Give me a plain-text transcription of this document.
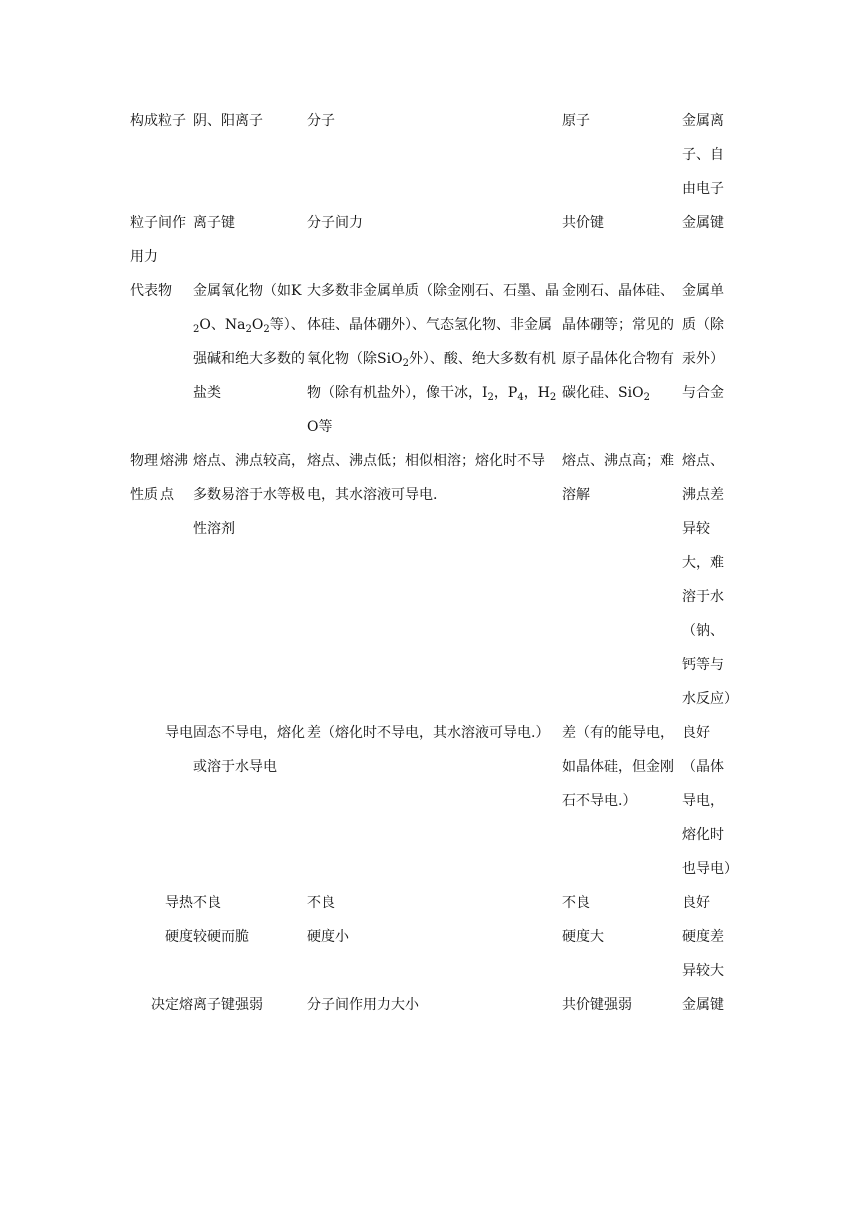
构成粒子		阴、阳离子	分子	原子	金属离子、自由电子
粒子间作用力		离子键	分子间力	共价键	金属键
代表物		金属氧化物（如$K_2O$、$Na_2O_2$等）、强碱和绝大多数的盐类	大多数非金属单质（除金刚石、石墨、晶体硅、晶体硼外）、气态氢化物、非金属氧化物（除SiO$_2$外）、酸、绝大多数有机物（除有机盐外），像干冰，$I_2$，$P_4$，$H_2O$等	金刚石、晶体硅、晶体硼等；常见的原子晶体化合物有碳化硅、SiO$_2$	金属单质（除汞外）与合金
物理性质	熔沸点	熔点、沸点较高，多数易溶于水等极性溶剂	熔点、沸点低；相似相溶；熔化时不导电，其水溶液可导电.	熔点、沸点高；难溶解	熔点、沸点差异较大，难溶于水（钠、钙等与水反应）
导电		固态不导电，熔化或溶于水导电	差（熔化时不导电，其水溶液可导电.）	差（有的能导电，如晶体硅，但金刚石不导电.）	良好（晶体导电，熔化时也导电）
导热		不良	不良	不良	良好
硬度		较硬而脆	硬度小	硬度大	硬度差异较大
决定熔		离子键强弱	分子间作用力大小	共价键强弱	金属键
